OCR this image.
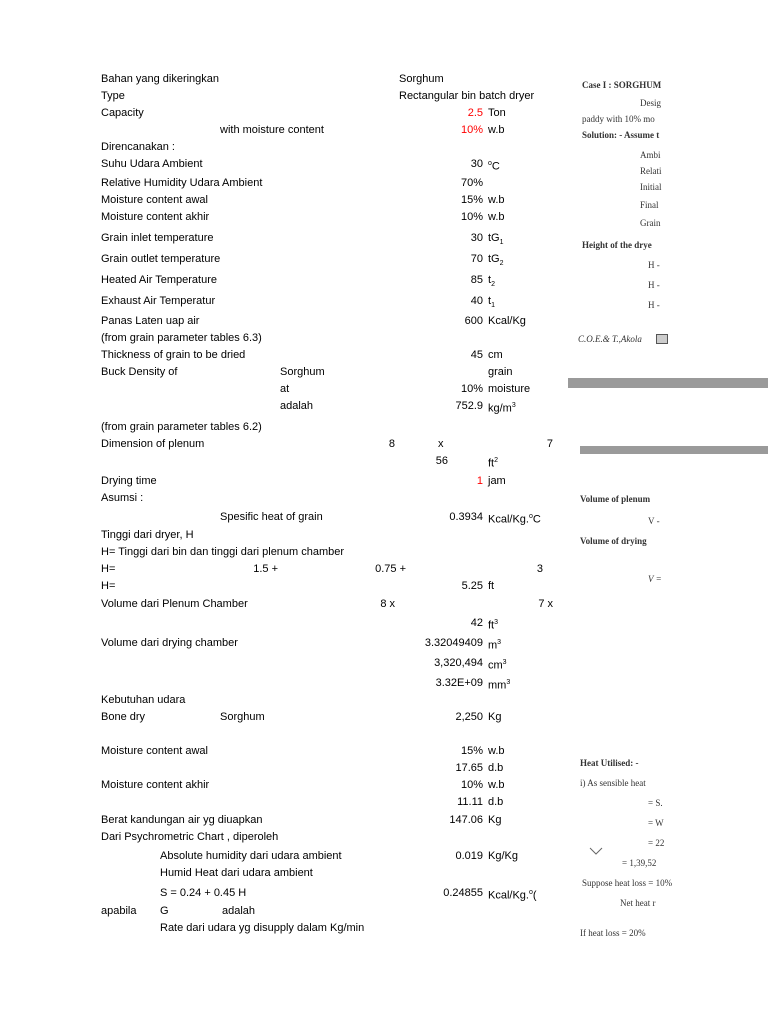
Bahan yang dikeringkan	Sorghum
Type	Rectangular bin batch dryer
Capacity	2.5 Ton
with moisture content	10% w.b
Direncanakan :
Suhu Udara Ambient	30 $^o$C
Relative Humidity Udara Ambient	70%
Moisture content awal	15% w.b
Moisture content akhir	10% w.b
Grain inlet temperature	30 $tG_1$
Grain outlet temperature	70 $tG_2$
Heated Air Temperature	85 $t_2$
Exhaust Air Temperatur	40 $t_1$
Panas Laten uap air	600 Kcal/Kg
(from grain parameter tables 6.3)
Thickness of grain to be dried	45 cm
Buck Density of	Sorghum	grain
at	10% moisture
adalah	752.9 $kg/m^3$
(from grain parameter tables 6.2)
Dimension of plenum	8	x	7
56	$ft^2$
Drying time	1 jam
Asumsi :
Spesific heat of grain	0.3934 Kcal/Kg.$^o$C
Tinggi dari dryer, H
H= Tinggi dari bin dan tinggi dari plenum chamber
H=	1.5 +	0.75 +	3
H=	5.25 ft
Volume dari Plenum Chamber	8 x	7 x
42 $ft^3$
Volume dari drying chamber	3.32049409 $m^3$
3,320,494 $cm^3$
3.32E+09 $mm^3$
Kebutuhan udara
Bone dry	Sorghum	2,250 Kg
Moisture content awal	15% w.b
17.65 d.b
Moisture content akhir	10% w.b
11.11 d.b
Berat kandungan air yg diuapkan	147.06 Kg
Dari Psychrometric Chart , diperoleh
Absolute humidity dari udara ambient	0.019 Kg/Kg
Humid Heat dari udara ambient
S = 0.24 + 0.45 H	0.24855 Kcal/Kg.$^o$(
apabila G	adalah
Rate dari udara yg disupply dalam Kg/min
Case I : SORGHUM
Desig
paddy with 10% mo
Solution: - Assume t
Ambi
Relati
Initial
Final
Grain
Height of the drye
H -
H -
H -
C.O.E.& T.,Akola
Volume of plenum
V -
Volume of drying
V =
Heat Utilised: -
i) As sensible heat
= S.
= W
= 22
= 1,39,52
Suppose heat loss = 10%
Net heat r
If heat loss = 20%
